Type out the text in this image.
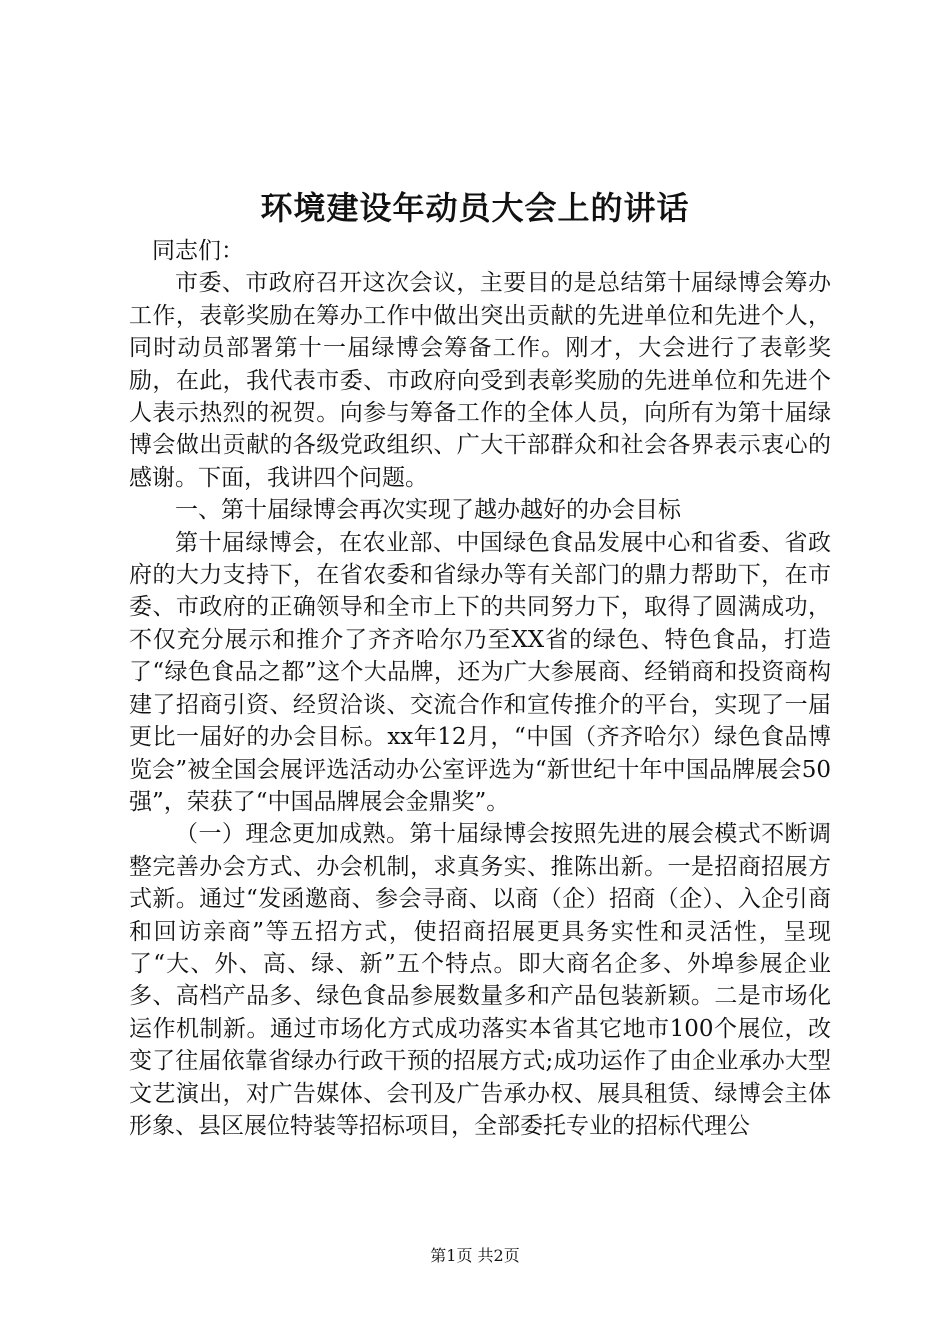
环境建设年动员大会上的讲话

同志们：

市委、市政府召开这次会议，主要目的是总结第十届绿博会筹办工作，表彰奖励在筹办工作中做出突出贡献的先进单位和先进个人，同时动员部署第十一届绿博会筹备工作。刚才，大会进行了表彰奖励，在此，我代表市委、市政府向受到表彰奖励的先进单位和先进个人表示热烈的祝贺。向参与筹备工作的全体人员，向所有为第十届绿博会做出贡献的各级党政组织、广大干部群众和社会各界表示衷心的感谢。下面，我讲四个问题。

一、第十届绿博会再次实现了越办越好的办会目标

第十届绿博会，在农业部、中国绿色食品发展中心和省委、省政府的大力支持下，在省农委和省绿办等有关部门的鼎力帮助下，在市委、市政府的正确领导和全市上下的共同努力下，取得了圆满成功，不仅充分展示和推介了齐齐哈尔乃至XX省的绿色、特色食品，打造了“绿色食品之都”这个大品牌，还为广大参展商、经销商和投资商构建了招商引资、经贸洽谈、交流合作和宣传推介的平台，实现了一届更比一届好的办会目标。xx年12月，“中国（齐齐哈尔）绿色食品博览会”被全国会展评选活动办公室评选为“新世纪十年中国品牌展会50强”，荣获了“中国品牌展会金鼎奖”。

（一）理念更加成熟。第十届绿博会按照先进的展会模式不断调整完善办会方式、办会机制，求真务实、推陈出新。一是招商招展方式新。通过“发函邀商、参会寻商、以商（企）招商（企）、入企引商和回访亲商”等五招方式，使招商招展更具务实性和灵活性，呈现了“大、外、高、绿、新”五个特点。即大商名企多、外埠参展企业多、高档产品多、绿色食品参展数量多和产品包装新颖。二是市场化运作机制新。通过市场化方式成功落实本省其它地市100个展位，改变了往届依靠省绿办行政干预的招展方式;成功运作了由企业承办大型文艺演出，对广告媒体、会刊及广告承办权、展具租赁、绿博会主体形象、县区展位特装等招标项目，全部委托专业的招标代理公

第1页 共2页
